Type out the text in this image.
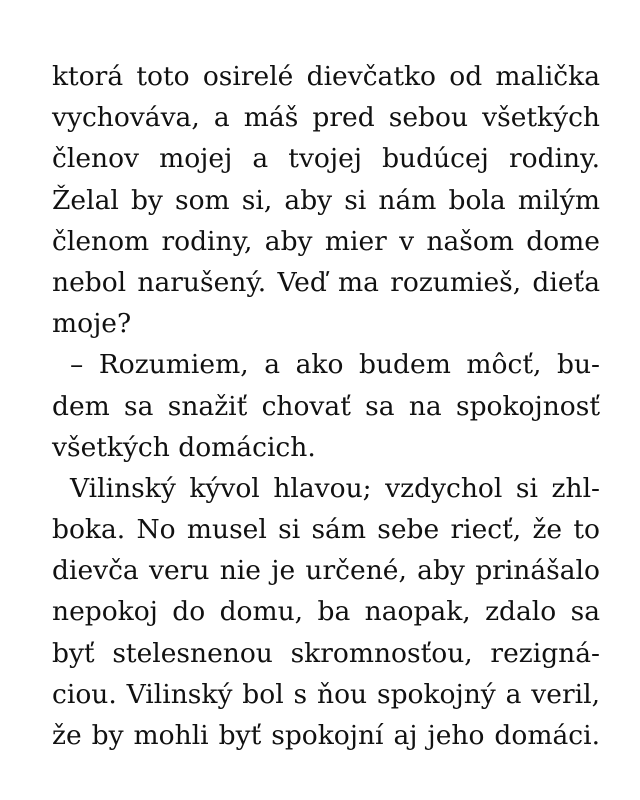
ktorá toto osirelé dievčatko od malička
vychováva, a máš pred sebou všetkých
členov mojej a tvojej budúcej rodiny.
Želal by som si, aby si nám bola milým
členom rodiny, aby mier v našom dome
nebol narušený. Veď ma rozumieš, dieťa
moje?
– Rozumiem, a ako budem môcť, bu-
dem sa snažiť chovať sa na spokojnosť
všetkých domácich.
Vilinský kývol hlavou; vzdychol si zhl-
boka. No musel si sám sebe riecť, že to
dievča veru nie je určené, aby prinášalo
nepokoj do domu, ba naopak, zdalo sa
byť stelesnenou skromnosťou, rezigná-
ciou. Vilinský bol s ňou spokojný a veril,
že by mohli byť spokojní aj jeho domáci.
